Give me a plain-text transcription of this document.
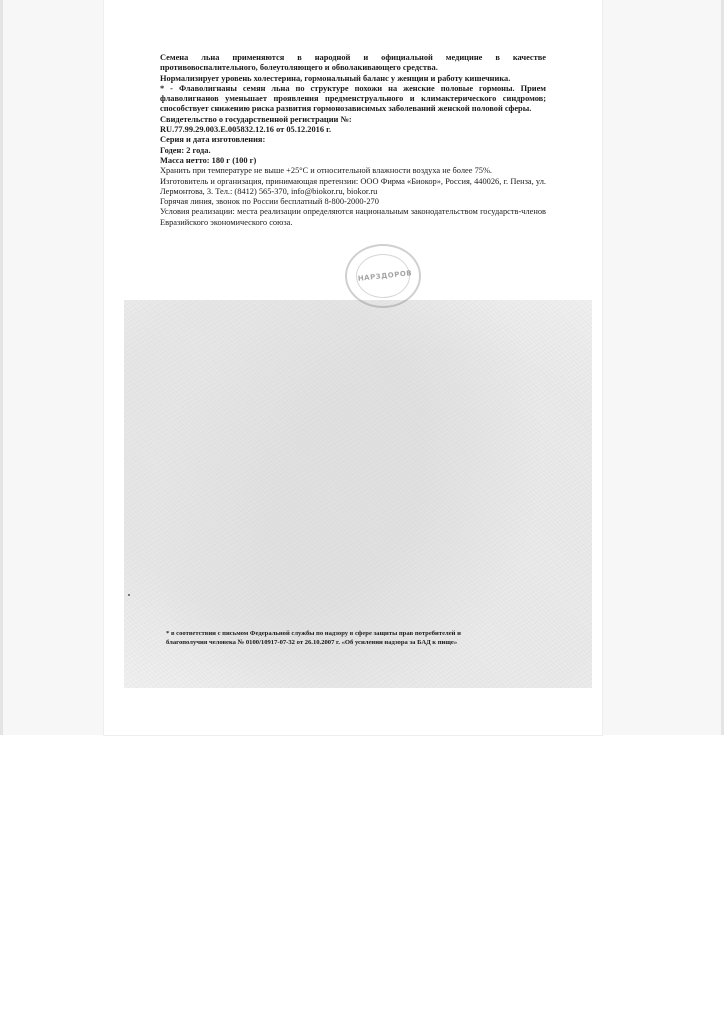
Семена льна применяются в народной и официальной медицине в качестве противовоспалительного, болеутоляющего и обволакивающего средства.

Нормализирует уровень холестерина, гормональный баланс у женщин и работу кишечника.

* - Флаволигнаны семян льна по структуре похожи на женские половые гормоны. Прием флаволигнанов уменьшает проявления предменструального и климактерического синдромов; способствует снижению риска развития гормонозависимых заболеваний женской половой сферы.

Свидетельство о государственной регистрации №:

RU.77.99.29.003.E.005832.12.16 от 05.12.2016 г.

Серия и дата изготовления:

Годен: 2 года.

Масса нетто: 180 г (100 г)

Хранить при температуре не выше +25°С и относительной влажности воздуха не более 75%.

Изготовитель и организация, принимающая претензии: ООО Фирма «Биокор», Россия, 440026, г. Пенза, ул. Лермонтова, 3. Тел.: (8412) 565-370, info@biokor.ru, biokor.ru

Горячая линия, звонок по России бесплатный 8-800-2000-270

Условия реализации: места реализации определяются национальным законодательством государств-членов Евразийского экономического союза.

НАРЗДОРОВ

* в соответствии с письмом Федеральной службы по надзору в сфере защиты прав потребителей и

благополучия человека № 0100/10917-07-32 от 26.10.2007 г. «Об усилении надзора за БАД к пище»
